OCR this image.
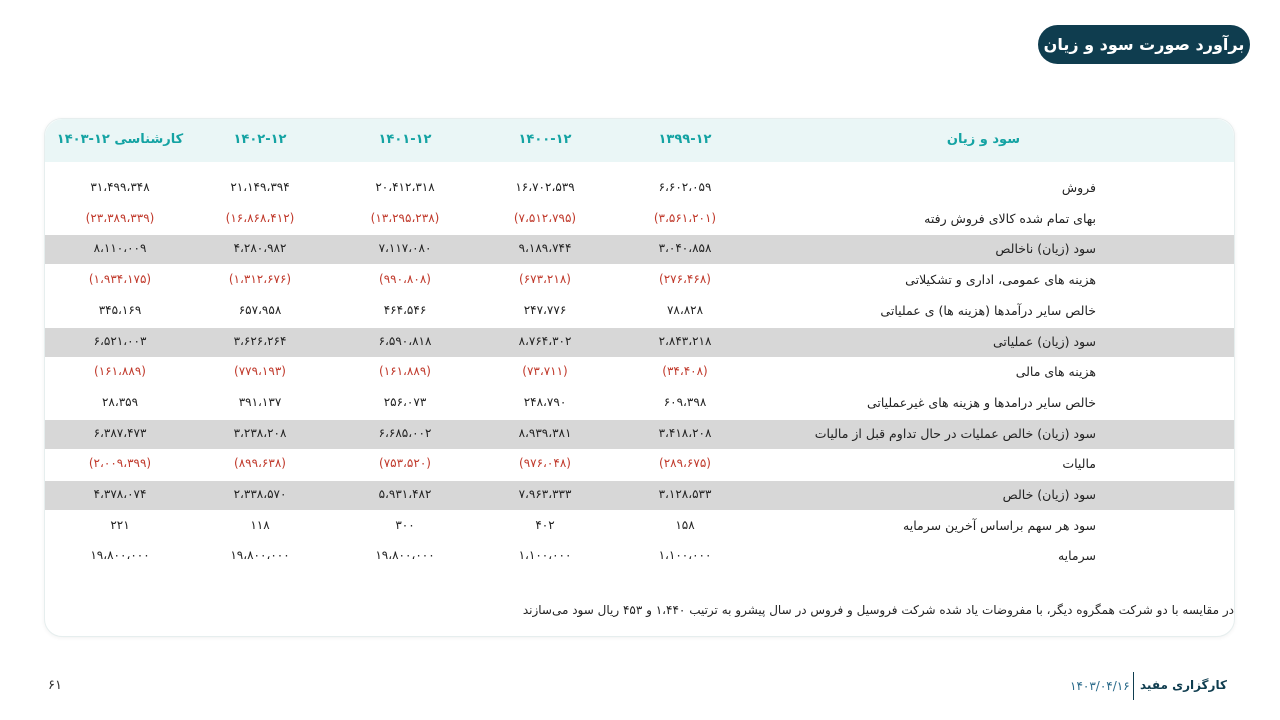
برآورد صورت سود و زیان
سود و زیان
۱۳۹۹-۱۲
۱۴۰۰-۱۲
۱۴۰۱-۱۲
۱۴۰۲-۱۲
کارشناسی ۱۲-۱۴۰۳
فروش
۶،۶۰۲،۰۵۹
۱۶،۷۰۲،۵۳۹
۲۰،۴۱۲،۳۱۸
۲۱،۱۴۹،۳۹۴
۳۱،۴۹۹،۳۴۸
بهای تمام شده کالای فروش رفته
(۳،۵۶۱،۲۰۱)
(۷،۵۱۲،۷۹۵)
(۱۳،۲۹۵،۲۳۸)
(۱۶،۸۶۸،۴۱۲)
(۲۳،۳۸۹،۳۳۹)
سود (زیان) ناخالص
۳،۰۴۰،۸۵۸
۹،۱۸۹،۷۴۴
۷،۱۱۷،۰۸۰
۴،۲۸۰،۹۸۲
۸،۱۱۰،۰۰۹
هزینه های عمومی، اداری و تشکیلاتی
(۲۷۶،۴۶۸)
(۶۷۳،۲۱۸)
(۹۹۰،۸۰۸)
(۱،۳۱۲،۶۷۶)
(۱،۹۳۴،۱۷۵)
خالص سایر درآمدها (هزینه ها) ی عملیاتی
۷۸،۸۲۸
۲۴۷،۷۷۶
۴۶۴،۵۴۶
۶۵۷،۹۵۸
۳۴۵،۱۶۹
سود (زیان) عملیاتی
۲،۸۴۳،۲۱۸
۸،۷۶۴،۳۰۲
۶،۵۹۰،۸۱۸
۳،۶۲۶،۲۶۴
۶،۵۲۱،۰۰۳
هزینه های مالی
(۳۴،۴۰۸)
(۷۳،۷۱۱)
(۱۶۱،۸۸۹)
(۷۷۹،۱۹۳)
(۱۶۱،۸۸۹)
خالص سایر درامدها و هزینه های غیرعملیاتی
۶۰۹،۳۹۸
۲۴۸،۷۹۰
۲۵۶،۰۷۳
۳۹۱،۱۳۷
۲۸،۳۵۹
سود (زیان) خالص عملیات در حال تداوم قبل از مالیات
۳،۴۱۸،۲۰۸
۸،۹۳۹،۳۸۱
۶،۶۸۵،۰۰۲
۳،۲۳۸،۲۰۸
۶،۳۸۷،۴۷۳
مالیات
(۲۸۹،۶۷۵)
(۹۷۶،۰۴۸)
(۷۵۳،۵۲۰)
(۸۹۹،۶۳۸)
(۲،۰۰۹،۳۹۹)
سود (زیان) خالص
۳،۱۲۸،۵۳۳
۷،۹۶۳،۳۳۳
۵،۹۳۱،۴۸۲
۲،۳۳۸،۵۷۰
۴،۳۷۸،۰۷۴
سود هر سهم براساس آخرین سرمایه
۱۵۸
۴۰۲
۳۰۰
۱۱۸
۲۲۱
سرمایه
۱،۱۰۰،۰۰۰
۱،۱۰۰،۰۰۰
۱۹،۸۰۰،۰۰۰
۱۹،۸۰۰،۰۰۰
۱۹،۸۰۰،۰۰۰
در مقایسه با دو شرکت همگروه دیگر، با مفروضات یاد شده شرکت فروسیل و فروس در سال پیشرو به ترتیب ۱،۴۴۰ و ۴۵۳ ریال سود می‌سازند
۶۱	۱۴۰۳/۰۴/۱۶ کارگزاری مفید
